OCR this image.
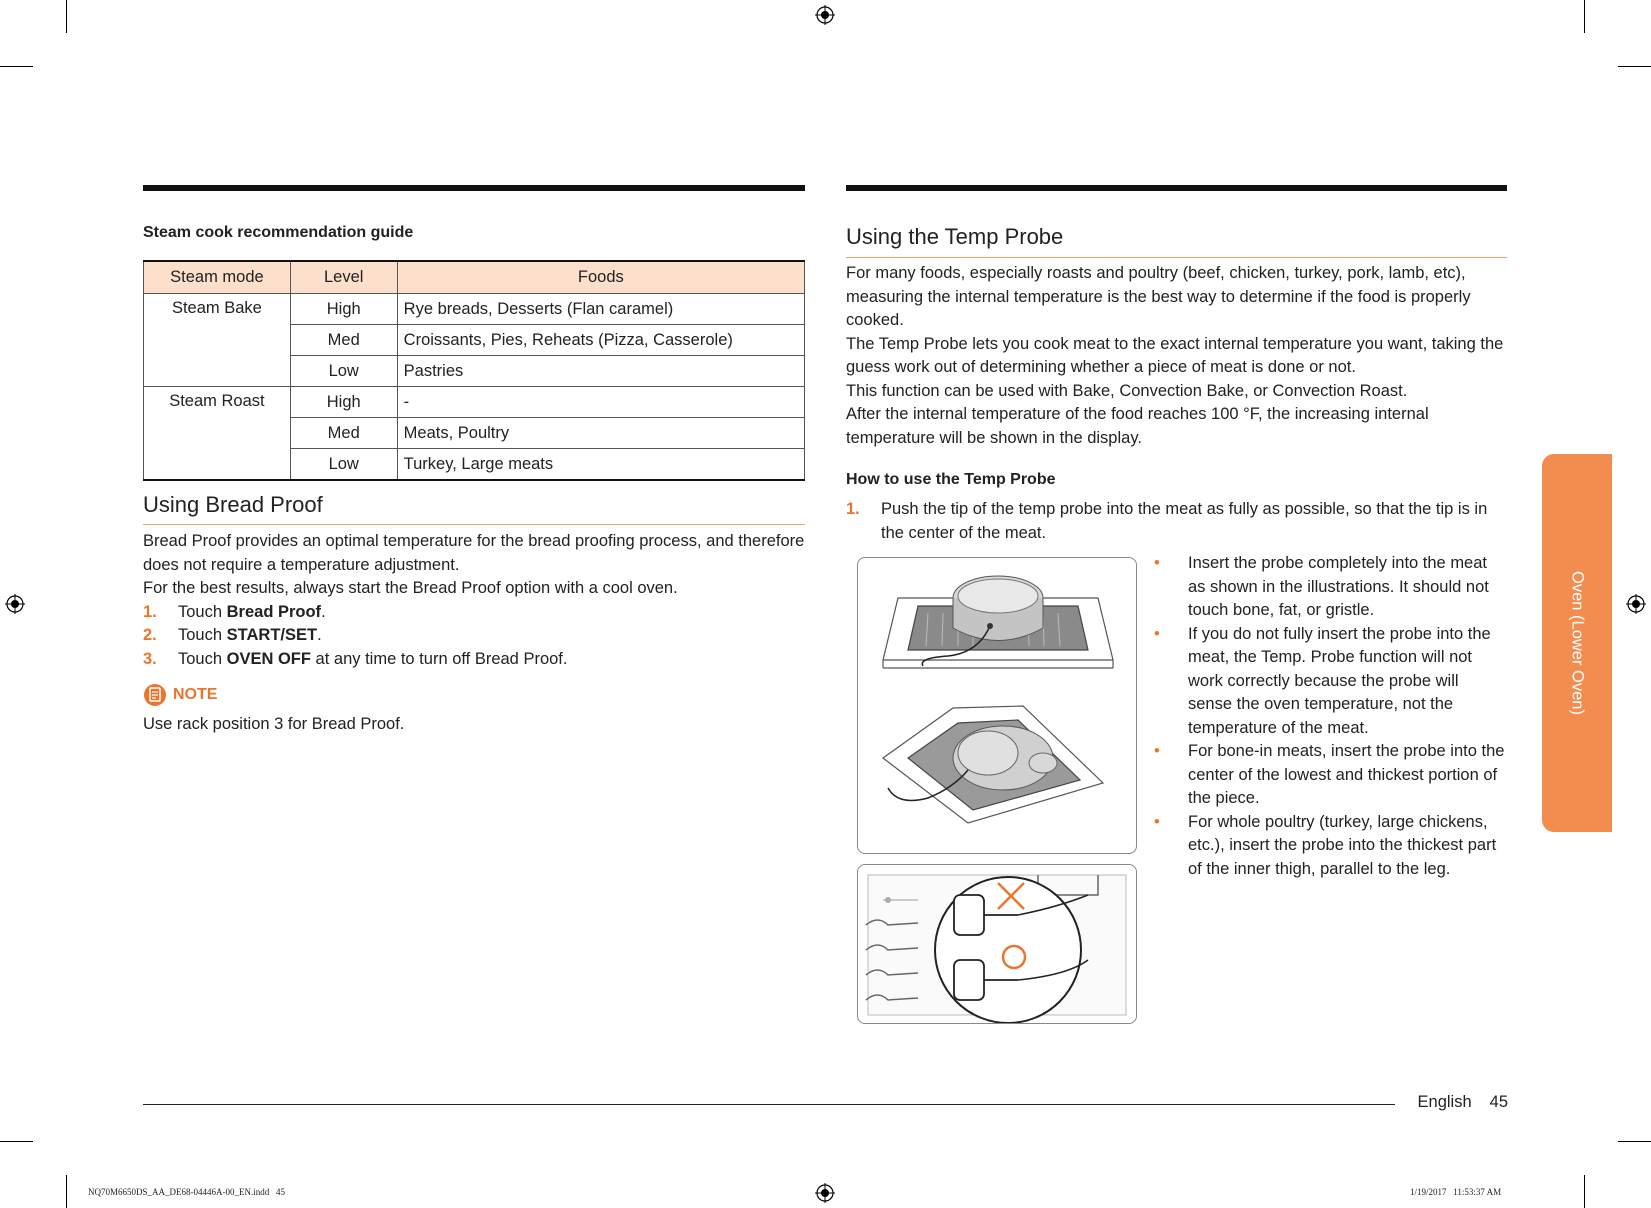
Steam cook recommendation guide
Steam mode	Level	Foods
Steam Bake	High	Rye breads, Desserts (Flan caramel)
	Med	Croissants, Pies, Reheats (Pizza, Casserole)
	Low	Pastries
Steam Roast	High	-
	Med	Meats, Poultry
	Low	Turkey, Large meats
Using Bread Proof
Bread Proof provides an optimal temperature for the bread proofing process, and therefore does not require a temperature adjustment.
For the best results, always start the Bread Proof option with a cool oven.
1. Touch Bread Proof.
2. Touch START/SET.
3. Touch OVEN OFF at any time to turn off Bread Proof.
NOTE
Use rack position 3 for Bread Proof.
Using the Temp Probe
For many foods, especially roasts and poultry (beef, chicken, turkey, pork, lamb, etc), measuring the internal temperature is the best way to determine if the food is properly cooked.
The Temp Probe lets you cook meat to the exact internal temperature you want, taking the guess work out of determining whether a piece of meat is done or not.
This function can be used with Bake, Convection Bake, or Convection Roast.
After the internal temperature of the food reaches 100 °F, the increasing internal temperature will be shown in the display.
How to use the Temp Probe
1. Push the tip of the temp probe into the meat as fully as possible, so that the tip is in the center of the meat.
• Insert the probe completely into the meat as shown in the illustrations. It should not touch bone, fat, or gristle.
• If you do not fully insert the probe into the meat, the Temp. Probe function will not work correctly because the probe will sense the oven temperature, not the temperature of the meat.
• For bone-in meats, insert the probe into the center of the lowest and thickest portion of the piece.
• For whole poultry (turkey, large chickens, etc.), insert the probe into the thickest part of the inner thigh, parallel to the leg.
Oven (Lower Oven)
English 45
NQ70M6650DS_AA_DE68-04446A-00_EN.indd   45	1/19/2017   11:53:37 AM
